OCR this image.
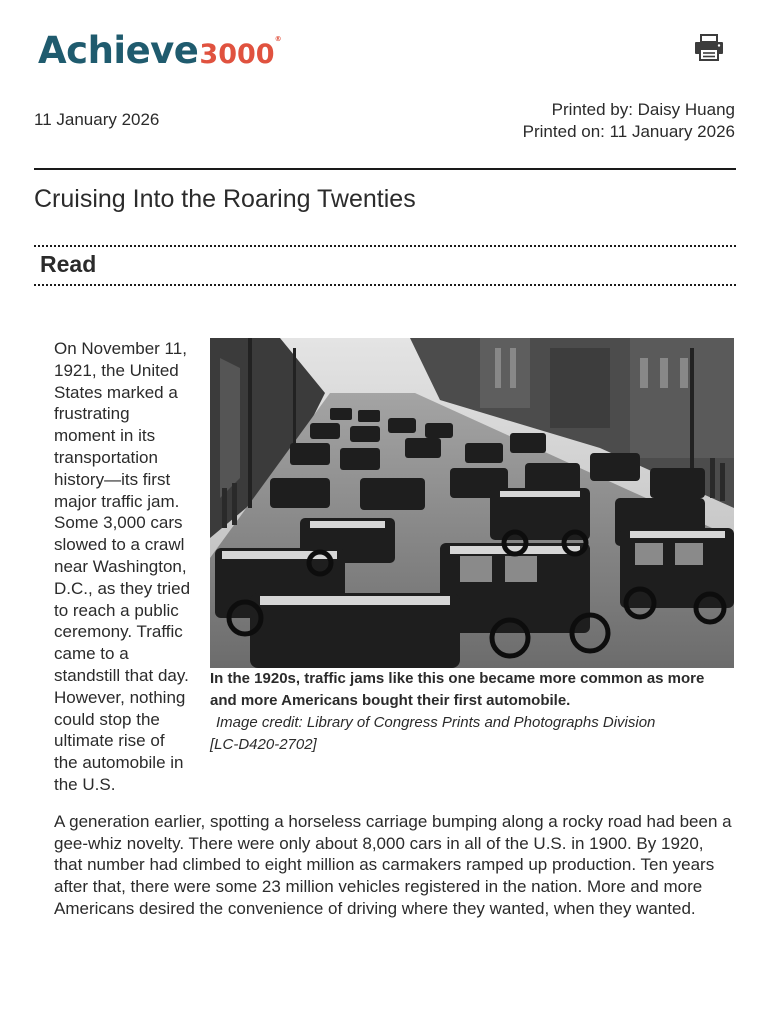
Achieve3000®
11 January 2026
Printed by: Daisy Huang
Printed on: 11 January 2026
Cruising Into the Roaring Twenties
Read
In the 1920s, traffic jams like this one became more common as more and more Americans bought their first automobile.
Image credit: Library of Congress Prints and Photographs Division
[LC-D420-2702]

On November 11, 1921, the United States marked a frustrating moment in its transportation history—its first major traffic jam. Some 3,000 cars slowed to a crawl near Washington, D.C., as they tried to reach a public ceremony. Traffic came to a standstill that day. However, nothing could stop the ultimate rise of the automobile in the U.S.

A generation earlier, spotting a horseless carriage bumping along a rocky road had been a gee-whiz novelty. There were only about 8,000 cars in all of the U.S. in 1900. By 1920, that number had climbed to eight million as carmakers ramped up production. Ten years after that, there were some 23 million vehicles registered in the nation. More and more Americans desired the convenience of driving where they wanted, when they wanted.
